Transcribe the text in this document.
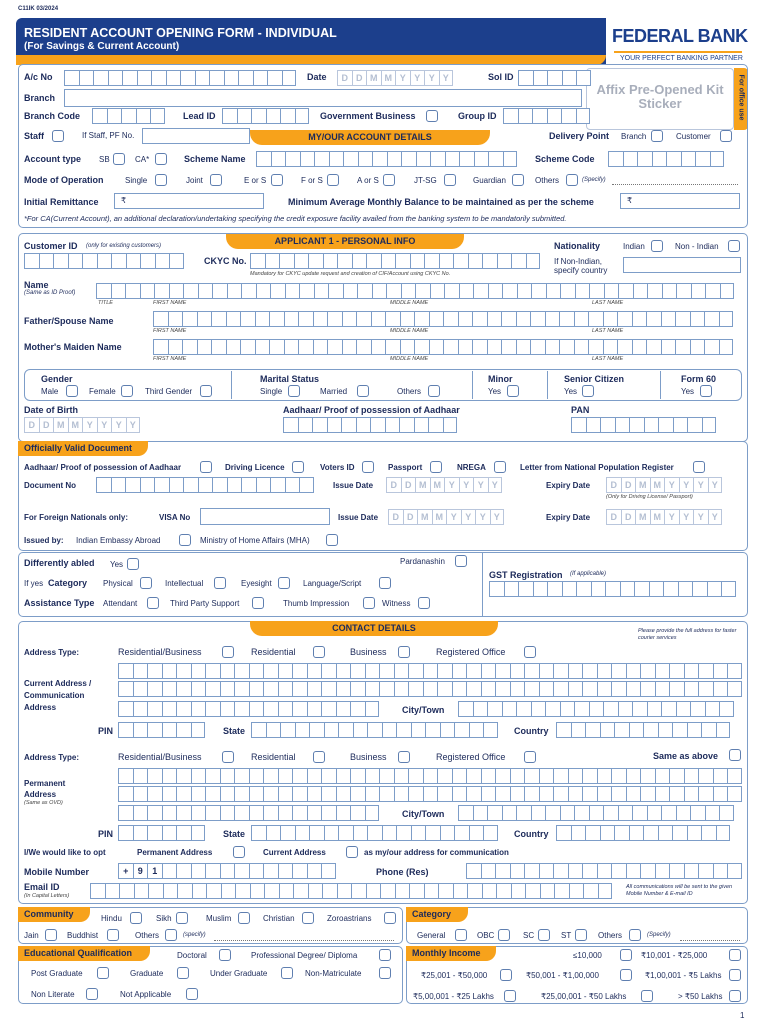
C11IK 03/2024
RESIDENT ACCOUNT OPENING FORM - INDIVIDUAL
(For Savings & Current Account)
FEDERAL BANK
YOUR PERFECT BANKING PARTNER
Affix Pre-Opened Kit Sticker	For office use
A/c No	Date	D D M M Y Y Y Y	Sol ID
Branch
Branch Code	Lead ID	Government Business	Group ID
Staff	If Staff, PF No.	MY/OUR ACCOUNT DETAILS	Delivery Point Branch	Customer
Account type SB	CA*	Scheme Name	Scheme Code
Mode of Operation	Single	Joint	E or S	F or S	A or S	JT-SG	Guardian	Others	(Specify)
Initial Remittance	₹	Minimum Average Monthly Balance to be maintained as per the scheme	₹
*For CA(Current Account), an additional declaration/undertaking specifying the credit exposure facility availed from the banking system to be mandatorily submitted.
APPLICANT 1 - PERSONAL INFO
Customer ID (only for existing customers)	Nationality	Indian	Non - Indian
CKYC No.
Mandatory for CKYC update request and creation of CIF/Account using CKYC No.
If Non-Indian, specify country
Name
(Same as ID Proof)
TITLE	FIRST NAME	MIDDLE NAME	LAST NAME
Father/Spouse Name
FIRST NAME	MIDDLE NAME	LAST NAME
Mother's Maiden Name
FIRST NAME	MIDDLE NAME	LAST NAME
Gender
Male	Female	Third Gender
Marital Status
Single	Married	Others
Minor
Yes
Senior Citizen
Yes
Form 60
Yes
Date of Birth
D D M M Y Y Y Y
Aadhaar/ Proof of possession of Aadhaar	PAN
Officially Valid Document
Aadhaar/ Proof of possession of Aadhaar	Driving Licence	Voters ID	Passport	NREGA	Letter from National Population Register
Document No	Issue Date	D D M M Y Y Y Y	Expiry Date	D D M M Y Y Y Y
(Only for Driving License/ Passport)
For Foreign Nationals only:	VISA No	Issue Date	D D M M Y Y Y Y	Expiry Date	D D M M Y Y Y Y
Issued by: Indian Embassy Abroad	Ministry of Home Affairs (MHA)
Differently abled Yes	Pardanashin
If yes Category Physical	Intellectual	Eyesight	Language/Script
Assistance Type Attendant	Third Party Support	Thumb Impression	Witness
GST Registration (If applicable)
CONTACT DETAILS	Please provide the full address for faster courier services
Address Type:	Residential/Business	Residential	Business	Registered Office
Current Address / Communication Address	City/Town
PIN	State	Country
Address Type:	Residential/Business	Residential	Business	Registered Office	Same as above
Permanent Address
(Same as OVD)
City/Town
PIN	State	Country
I/We would like to opt	Permanent Address	Current Address	as my/our address for communication
Mobile Number	+	9	1	Phone (Res)
Email ID
(In Capital Letters)
All communications will be sent to the given Mobile Number & E-mail ID
Community	Hindu	Sikh	Muslim	Christian	Zoroastrians
Jain	Buddhist	Others	(specify)
Category
General	OBC	SC	ST	Others	(Specify)
Educational Qualification	Doctoral	Professional Degree/ Diploma
Post Graduate	Graduate	Under Graduate	Non-Matriculate
Non Literate	Not Applicable
Monthly Income	≤10,000	₹10,001 - ₹25,000
₹25,001 - ₹50,000	₹50,001 - ₹1,00,000	₹1,00,001 - ₹5 Lakhs
₹5,00,001 - ₹25 Lakhs	₹25,00,001 - ₹50 Lakhs	> ₹50 Lakhs
1
